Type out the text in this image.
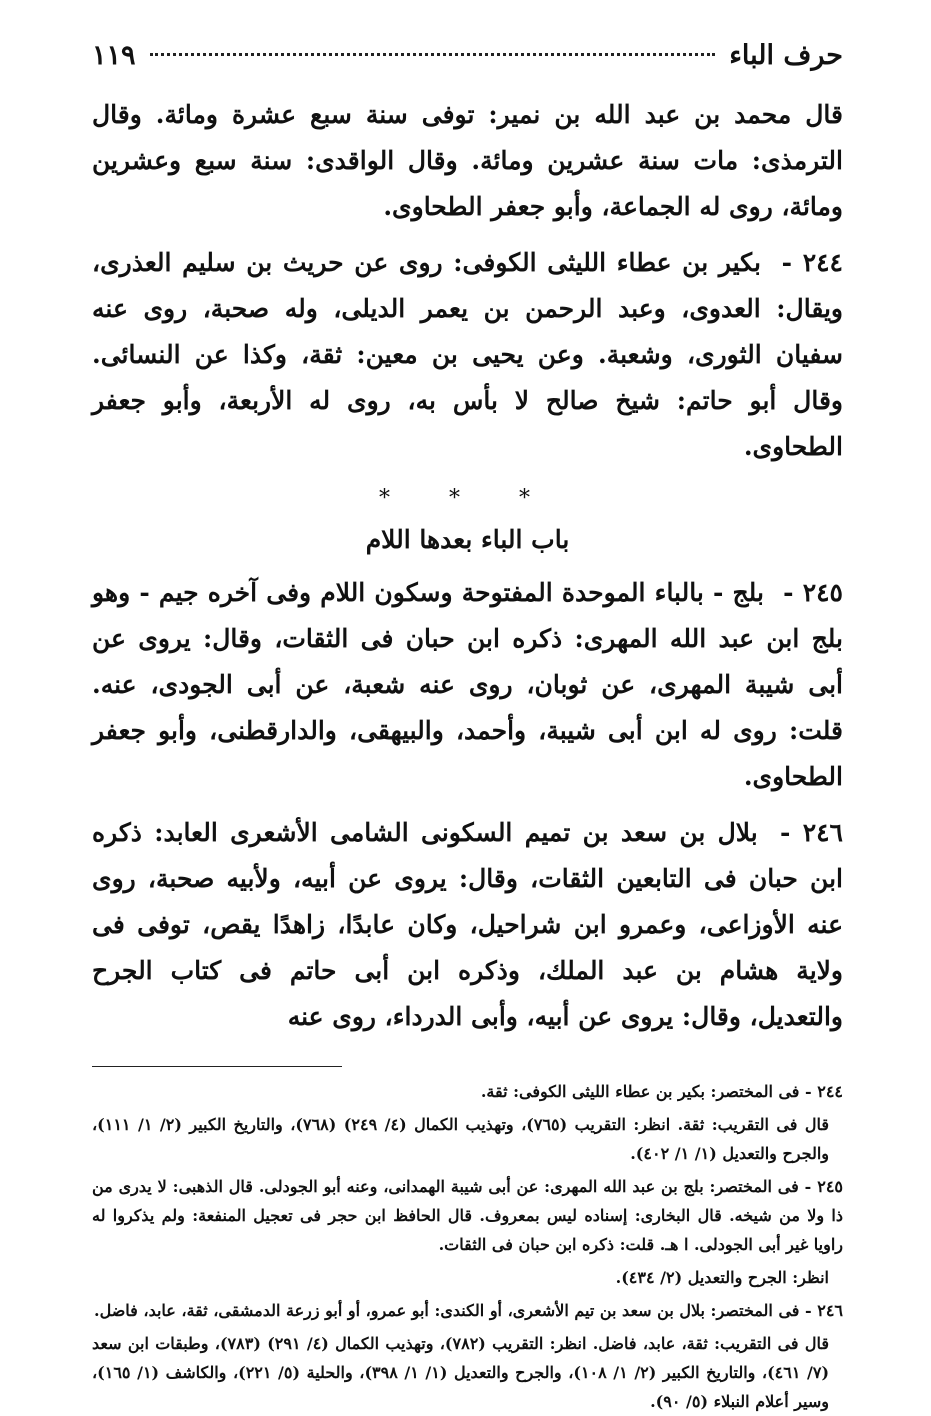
حرف الباء
١١٩

قال محمد بن عبد الله بن نمير: توفى سنة سبع عشرة ومائة. وقال الترمذى: مات سنة عشرين ومائة. وقال الواقدى: سنة سبع وعشرين ومائة، روى له الجماعة، وأبو جعفر الطحاوى.

٢٤٤ - بكير بن عطاء الليثى الكوفى: روى عن حريث بن سليم العذرى، ويقال: العدوى، وعبد الرحمن بن يعمر الديلى، وله صحبة، روى عنه سفيان الثورى، وشعبة. وعن يحيى بن معين: ثقة، وكذا عن النسائى. وقال أبو حاتم: شيخ صالح لا بأس به، روى له الأربعة، وأبو جعفر الطحاوى.

* * *
باب الباء بعدها اللام

٢٤٥ - بلج - بالباء الموحدة المفتوحة وسكون اللام وفى آخره جيم - وهو بلج ابن عبد الله المهرى: ذكره ابن حبان فى الثقات، وقال: يروى عن أبى شيبة المهرى، عن ثوبان، روى عنه شعبة، عن أبى الجودى، عنه. قلت: روى له ابن أبى شيبة، وأحمد، والبيهقى، والدارقطنى، وأبو جعفر الطحاوى.

٢٤٦ - بلال بن سعد بن تميم السكونى الشامى الأشعرى العابد: ذكره ابن حبان فى التابعين الثقات، وقال: يروى عن أبيه، ولأبيه صحبة، روى عنه الأوزاعى، وعمرو ابن شراحيل، وكان عابدًا، زاهدًا يقص، توفى فى ولاية هشام بن عبد الملك، وذكره ابن أبى حاتم فى كتاب الجرح والتعديل، وقال: يروى عن أبيه، وأبى الدرداء، روى عنه

٢٤٤ - فى المختصر: بكير بن عطاء الليثى الكوفى: ثقة.

قال فى التقريب: ثقة. انظر: التقريب (٧٦٥)، وتهذيب الكمال (٤/ ٢٤٩) (٧٦٨)، والتاريخ الكبير (٢/ ١/ ١١١)، والجرح والتعديل (١/ ١/ ٤٠٢).

٢٤٥ - فى المختصر: بلج بن عبد الله المهرى: عن أبى شيبة الهمدانى، وعنه أبو الجودلى. قال الذهبى: لا يدرى من ذا ولا من شيخه. قال البخارى: إسناده ليس بمعروف. قال الحافظ ابن حجر فى تعجيل المنفعة: ولم يذكروا له راويا غير أبى الجودلى. ا هـ. قلت: ذكره ابن حبان فى الثقات.

انظر: الجرح والتعديل (٢/ ٤٣٤).

٢٤٦ - فى المختصر: بلال بن سعد بن تيم الأشعرى، أو الكندى: أبو عمرو، أو أبو زرعة الدمشقى، ثقة، عابد، فاضل.

قال فى التقريب: ثقة، عابد، فاضل. انظر: التقريب (٧٨٢)، وتهذيب الكمال (٤/ ٢٩١) (٧٨٣)، وطبقات ابن سعد (٧/ ٤٦١)، والتاريخ الكبير (٢/ ١/ ١٠٨)، والجرح والتعديل (١/ ١/ ٣٩٨)، والحلية (٥/ ٢٢١)، والكاشف (١/ ١٦٥)، وسير أعلام النبلاء (٥/ ٩٠).
